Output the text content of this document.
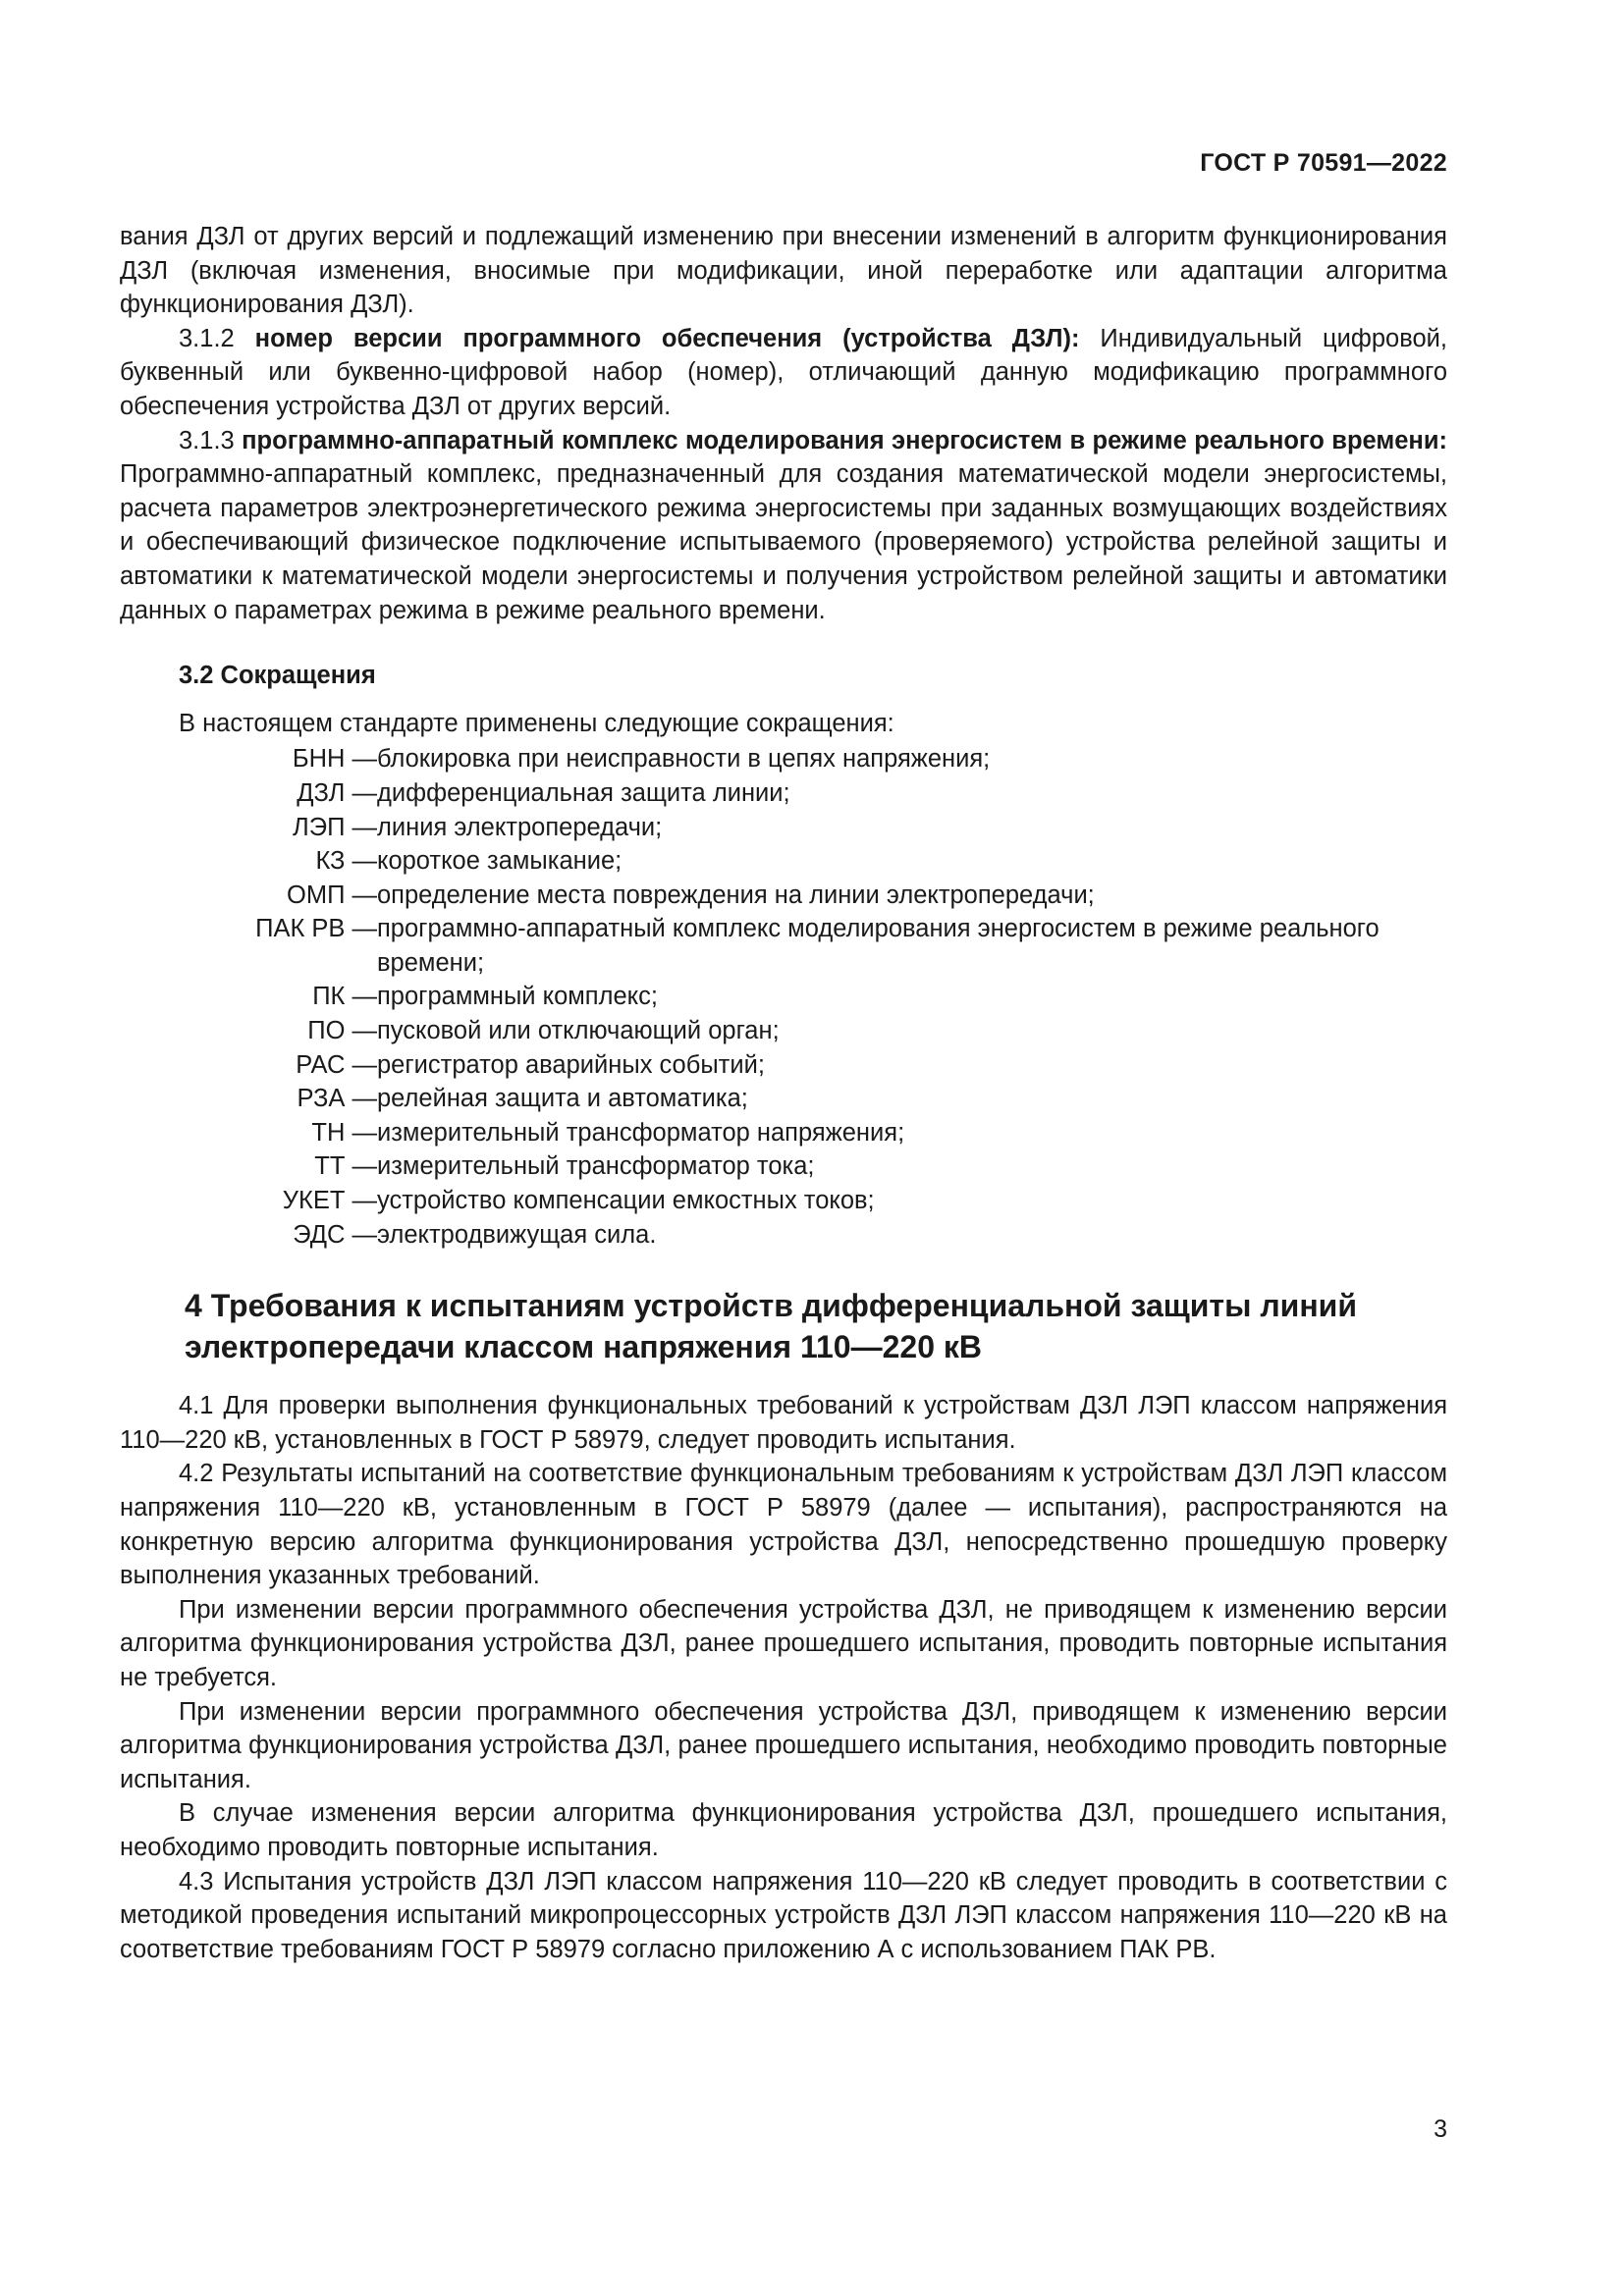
ГОСТ Р 70591—2022

вания ДЗЛ от других версий и подлежащий изменению при внесении изменений в алгоритм функционирования ДЗЛ (включая изменения, вносимые при модификации, иной переработке или адаптации алгоритма функционирования ДЗЛ).

3.1.2 номер версии программного обеспечения (устройства ДЗЛ): Индивидуальный цифровой, буквенный или буквенно-цифровой набор (номер), отличающий данную модификацию программного обеспечения устройства ДЗЛ от других версий.

3.1.3 программно-аппаратный комплекс моделирования энергосистем в режиме реального времени: Программно-аппаратный комплекс, предназначенный для создания математической модели энергосистемы, расчета параметров электроэнергетического режима энергосистемы при заданных возмущающих воздействиях и обеспечивающий физическое подключение испытываемого (проверяемого) устройства релейной защиты и автоматики к математической модели энергосистемы и получения устройством релейной защиты и автоматики данных о параметрах режима в режиме реального времени.

3.2 Сокращения

В настоящем стандарте применены следующие сокращения:

БНН — блокировка при неисправности в цепях напряжения;
ДЗЛ — дифференциальная защита линии;
ЛЭП — линия электропередачи;
КЗ — короткое замыкание;
ОМП — определение места повреждения на линии электропередачи;
ПАК РВ — программно-аппаратный комплекс моделирования энергосистем в режиме реального времени;
ПК — программный комплекс;
ПО — пусковой или отключающий орган;
РАС — регистратор аварийных событий;
РЗА — релейная защита и автоматика;
ТН — измерительный трансформатор напряжения;
ТТ — измерительный трансформатор тока;
УКЕТ — устройство компенсации емкостных токов;
ЭДС — электродвижущая сила.
4 Требования к испытаниям устройств дифференциальной защиты линий
электропередачи классом напряжения 110—220 кВ

4.1 Для проверки выполнения функциональных требований к устройствам ДЗЛ ЛЭП классом напряжения 110—220 кВ, установленных в ГОСТ Р 58979, следует проводить испытания.

4.2 Результаты испытаний на соответствие функциональным требованиям к устройствам ДЗЛ ЛЭП классом напряжения 110—220 кВ, установленным в ГОСТ Р 58979 (далее — испытания), распространяются на конкретную версию алгоритма функционирования устройства ДЗЛ, непосредственно прошедшую проверку выполнения указанных требований.

При изменении версии программного обеспечения устройства ДЗЛ, не приводящем к изменению версии алгоритма функционирования устройства ДЗЛ, ранее прошедшего испытания, проводить повторные испытания не требуется.

При изменении версии программного обеспечения устройства ДЗЛ, приводящем к изменению версии алгоритма функционирования устройства ДЗЛ, ранее прошедшего испытания, необходимо проводить повторные испытания.

В случае изменения версии алгоритма функционирования устройства ДЗЛ, прошедшего испытания, необходимо проводить повторные испытания.

4.3 Испытания устройств ДЗЛ ЛЭП классом напряжения 110—220 кВ следует проводить в соответствии с методикой проведения испытаний микропроцессорных устройств ДЗЛ ЛЭП классом напряжения 110—220 кВ на соответствие требованиям ГОСТ Р 58979 согласно приложению А с использованием ПАК РВ.

3
